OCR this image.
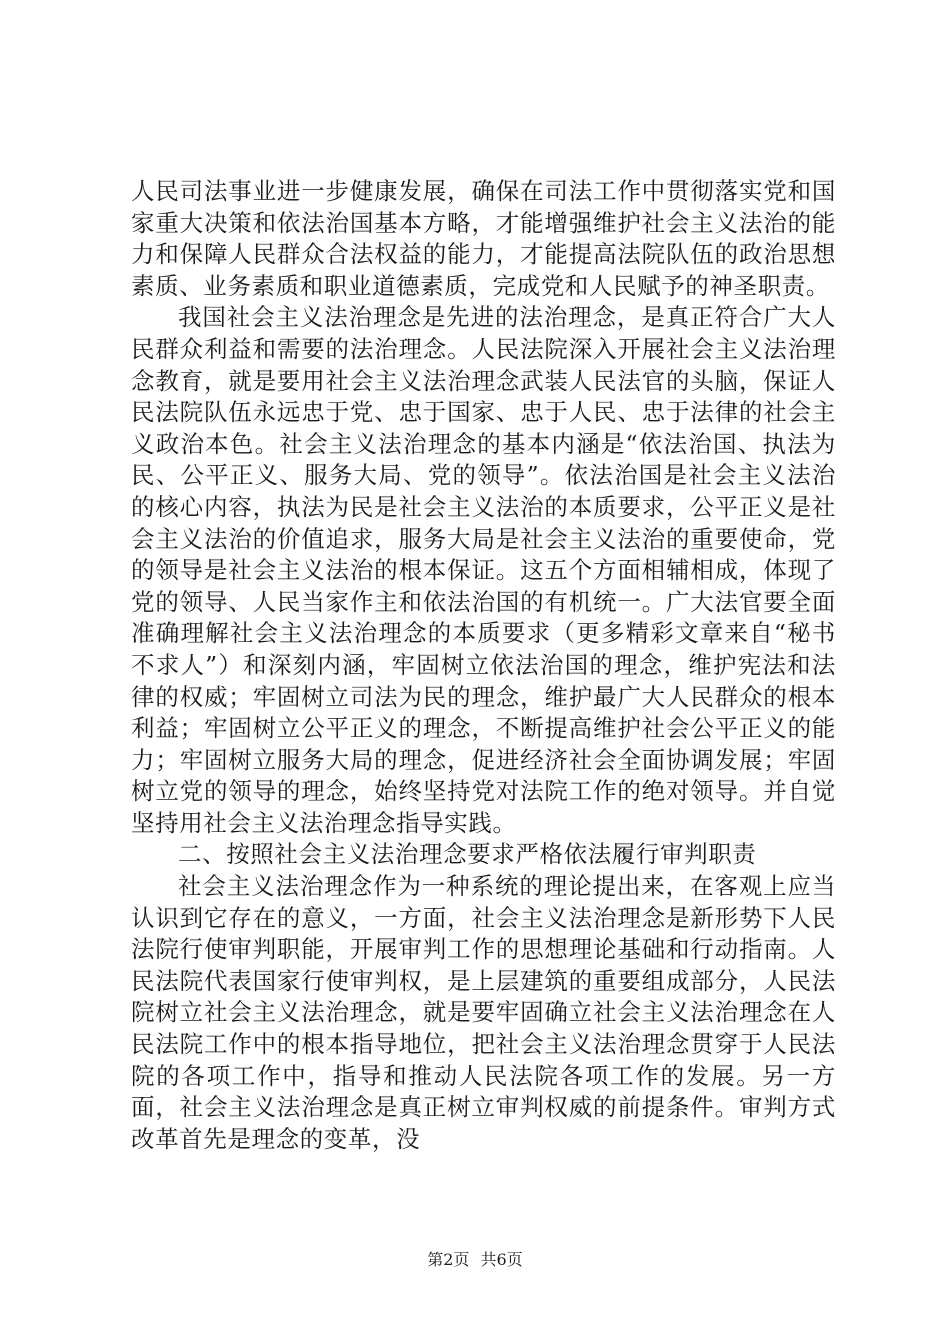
人民司法事业进一步健康发展，确保在司法工作中贯彻落实党和国家重大决策和依法治国基本方略，才能增强维护社会主义法治的能力和保障人民群众合法权益的能力，才能提高法院队伍的政治思想素质、业务素质和职业道德素质，完成党和人民赋予的神圣职责。

我国社会主义法治理念是先进的法治理念，是真正符合广大人民群众利益和需要的法治理念。人民法院深入开展社会主义法治理念教育，就是要用社会主义法治理念武装人民法官的头脑，保证人民法院队伍永远忠于党、忠于国家、忠于人民、忠于法律的社会主义政治本色。社会主义法治理念的基本内涵是“依法治国、执法为民、公平正义、服务大局、党的领导”。依法治国是社会主义法治的核心内容，执法为民是社会主义法治的本质要求，公平正义是社会主义法治的价值追求，服务大局是社会主义法治的重要使命，党的领导是社会主义法治的根本保证。这五个方面相辅相成，体现了党的领导、人民当家作主和依法治国的有机统一。广大法官要全面准确理解社会主义法治理念的本质要求（更多精彩文章来自“秘书不求人”）和深刻内涵，牢固树立依法治国的理念，维护宪法和法律的权威；牢固树立司法为民的理念，维护最广大人民群众的根本利益；牢固树立公平正义的理念，不断提高维护社会公平正义的能力；牢固树立服务大局的理念，促进经济社会全面协调发展；牢固树立党的领导的理念，始终坚持党对法院工作的绝对领导。并自觉坚持用社会主义法治理念指导实践。

二、按照社会主义法治理念要求严格依法履行审判职责

社会主义法治理念作为一种系统的理论提出来，在客观上应当认识到它存在的意义，一方面，社会主义法治理念是新形势下人民法院行使审判职能，开展审判工作的思想理论基础和行动指南。人民法院代表国家行使审判权，是上层建筑的重要组成部分，人民法院树立社会主义法治理念，就是要牢固确立社会主义法治理念在人民法院工作中的根本指导地位，把社会主义法治理念贯穿于人民法院的各项工作中，指导和推动人民法院各项工作的发展。另一方面，社会主义法治理念是真正树立审判权威的前提条件。审判方式改革首先是理念的变革，没

第2页 共6页
